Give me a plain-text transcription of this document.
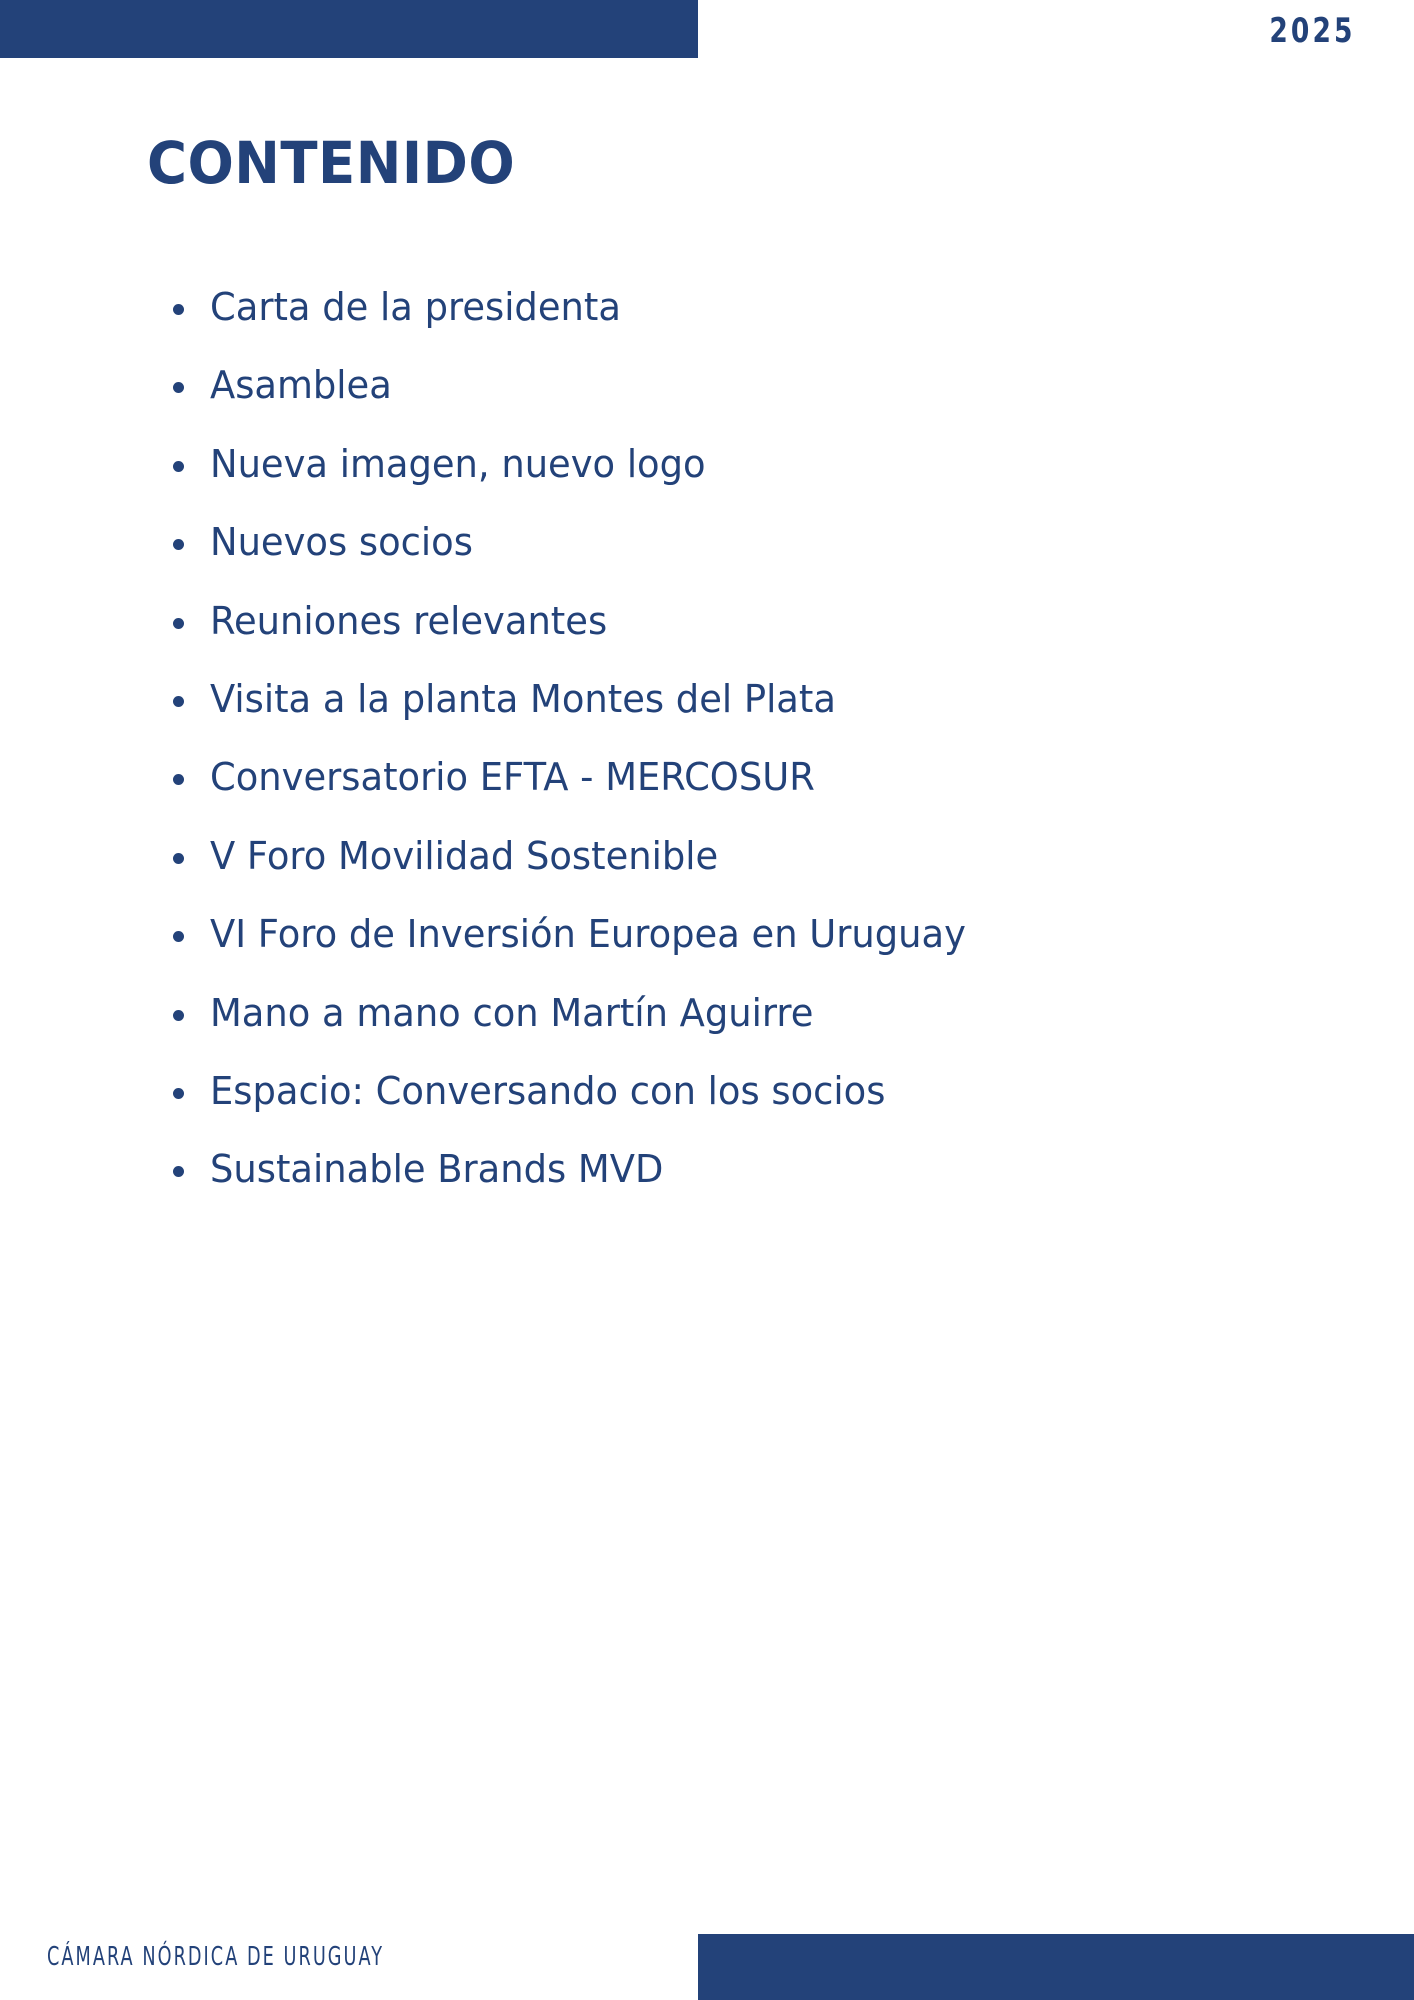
2025
CONTENIDO
Carta de la presidenta
Asamblea
Nueva imagen, nuevo logo
Nuevos socios
Reuniones relevantes
Visita a la planta Montes del Plata
Conversatorio EFTA - MERCOSUR
V Foro Movilidad Sostenible
VI Foro de Inversión Europea en Uruguay
Mano a mano con Martín Aguirre
Espacio: Conversando con los socios
Sustainable Brands MVD
CÁMARA NÓRDICA DE URUGUAY
